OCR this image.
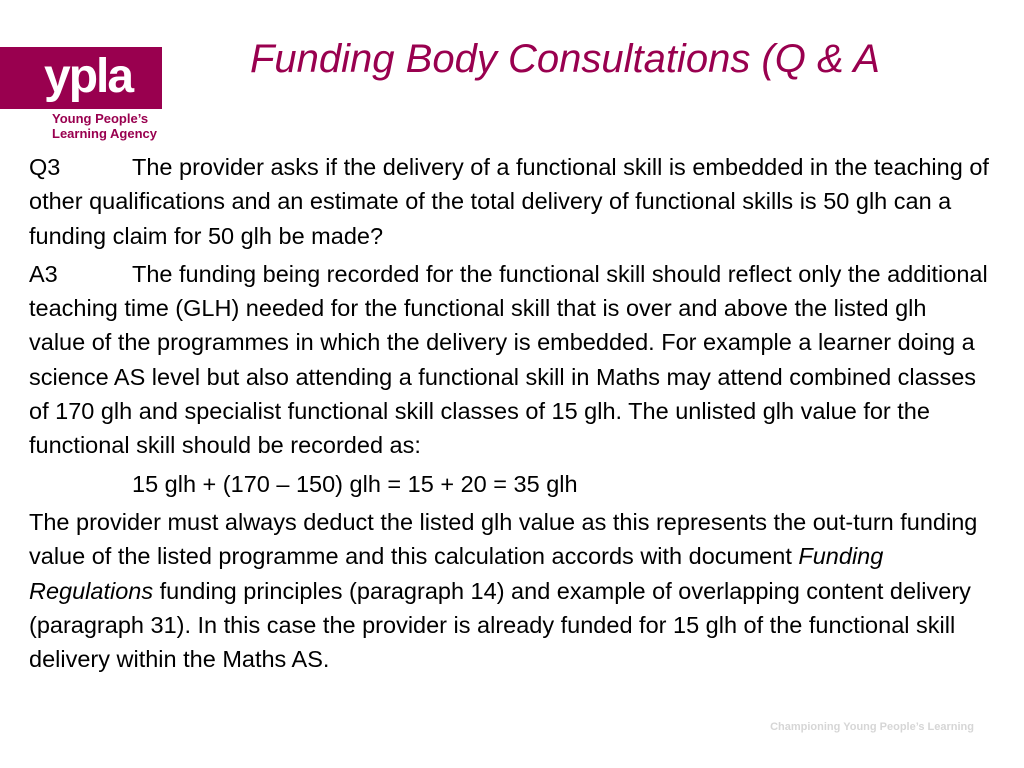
ypla
Young People’s
Learning Agency
Funding Body Consultations (Q & A

Q3	The provider asks if the delivery of a functional skill is embedded in the teaching of other qualifications and an estimate of the total delivery of functional skills is 50 glh can a funding claim for 50 glh be made?

A3	The funding being recorded for the functional skill should reflect only the additional teaching time (GLH) needed for the functional skill that is over and above the listed glh value of the programmes in which the delivery is embedded. For example a learner doing a science AS level but also attending a functional skill in Maths may attend combined classes of 170 glh and specialist functional skill classes of 15 glh. The unlisted glh value for the functional skill should be recorded as:

15 glh + (170 – 150) glh = 15 + 20 = 35 glh

The provider must always deduct the listed glh value as this represents the out-turn funding value of the listed programme and this calculation accords with document Funding Regulations funding principles (paragraph 14) and example of overlapping content delivery (paragraph 31). In this case the provider is already funded for 15 glh of the functional skill delivery within the Maths AS.

Championing Young People’s Learning
